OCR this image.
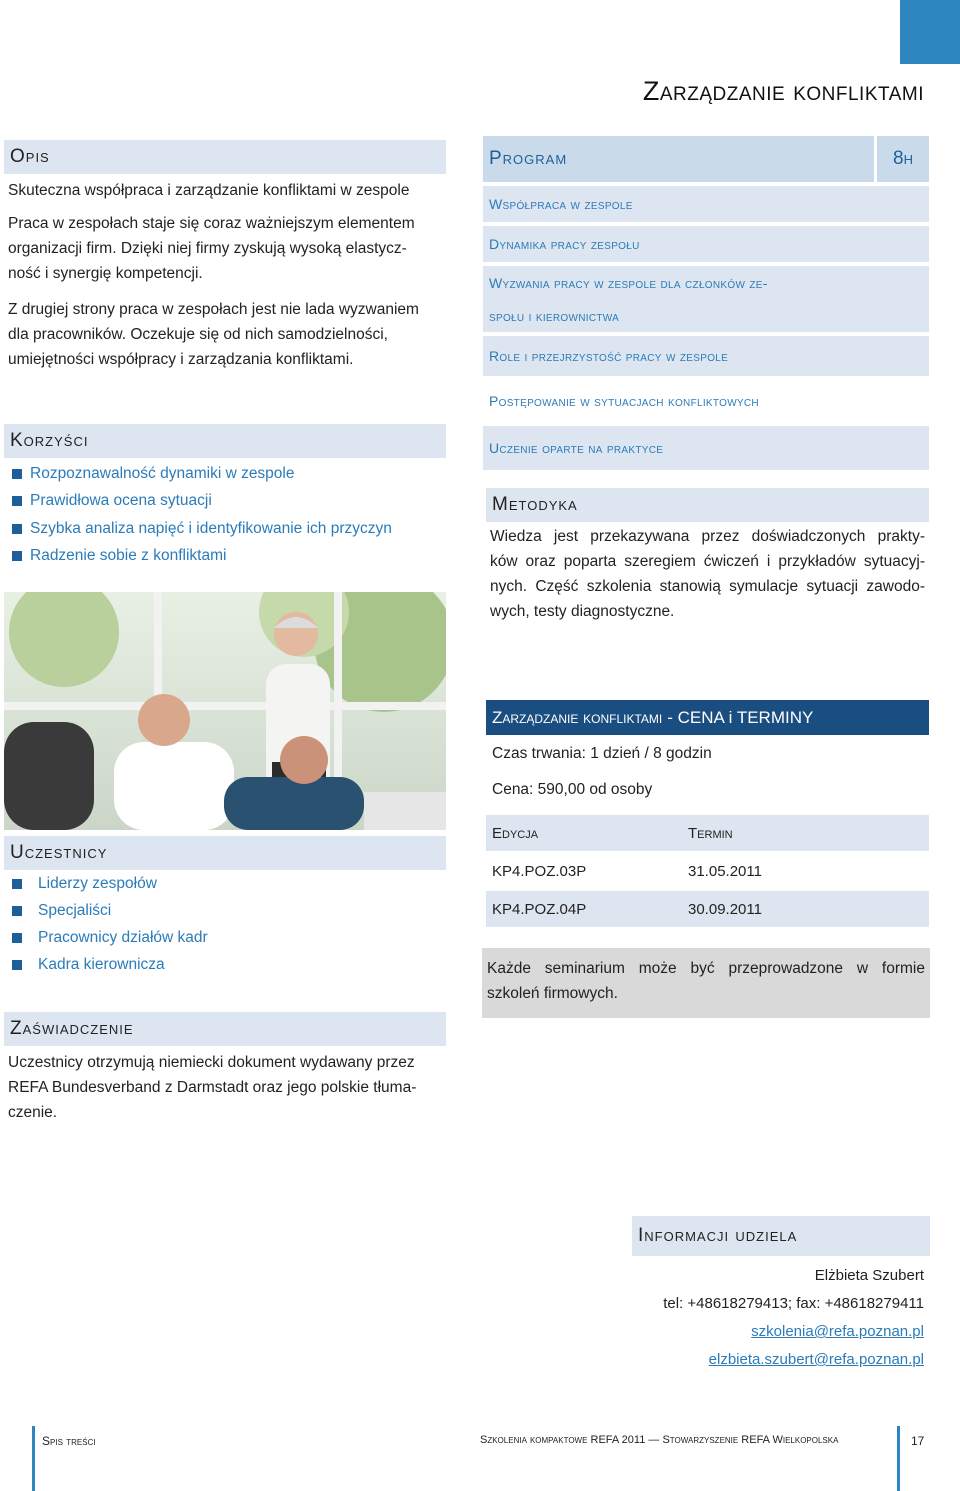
Zarządzanie konfliktami
Opis
Skuteczna współpraca i zarządzanie konfliktami w zespole
Praca w zespołach staje się coraz ważniejszym elementem
organizacji firm. Dzięki niej firmy zyskują wysoką elastycz-
ność i synergię kompetencji.
Z drugiej strony praca w zespołach jest nie lada wyzwaniem
dla pracowników. Oczekuje się od nich samodzielności,
umiejętności współpracy i zarządzania konfliktami.
Korzyści
Rozpoznawalność dynamiki w zespole
Prawidłowa ocena sytuacji
Szybka analiza napięć i identyfikowanie ich przyczyn
Radzenie sobie z konfliktami
Uczestnicy
Liderzy zespołów
Specjaliści
Pracownicy działów kadr
Kadra kierownicza
Zaświadczenie
Uczestnicy otrzymują niemiecki dokument wydawany przez
REFA Bundesverband z Darmstadt oraz jego polskie tłuma-
czenie.
Program	8h
Współpraca w zespole
Dynamika pracy zespołu
Wyzwania pracy w zespole dla członków ze-
społu i kierownictwa
Role i przejrzystość pracy w zespole
Postępowanie w sytuacjach konfliktowych
Uczenie oparte na praktyce
Metodyka
Wiedza jest przekazywana przez doświadczonych prakty-
ków oraz poparta szeregiem ćwiczeń i przykładów sytuacyj-
nych. Część szkolenia stanowią symulacje sytuacji zawodo-
wych, testy diagnostyczne.
Zarządzanie konfliktami - CENA i TERMINY
Czas trwania: 1 dzień / 8 godzin
Cena: 590,00 od osoby
Edycja	Termin
KP4.POZ.03P	31.05.2011
KP4.POZ.04P	30.09.2011
Każde seminarium może być przeprowadzone w formie
szkoleń firmowych.
Informacji udziela
Elżbieta Szubert
tel: +48618279413; fax: +48618279411
szkolenia@refa.poznan.pl
elzbieta.szubert@refa.poznan.pl
Spis treści	Szkolenia kompaktowe REFA 2011 — Stowarzyszenie REFA Wielkopolska	17
